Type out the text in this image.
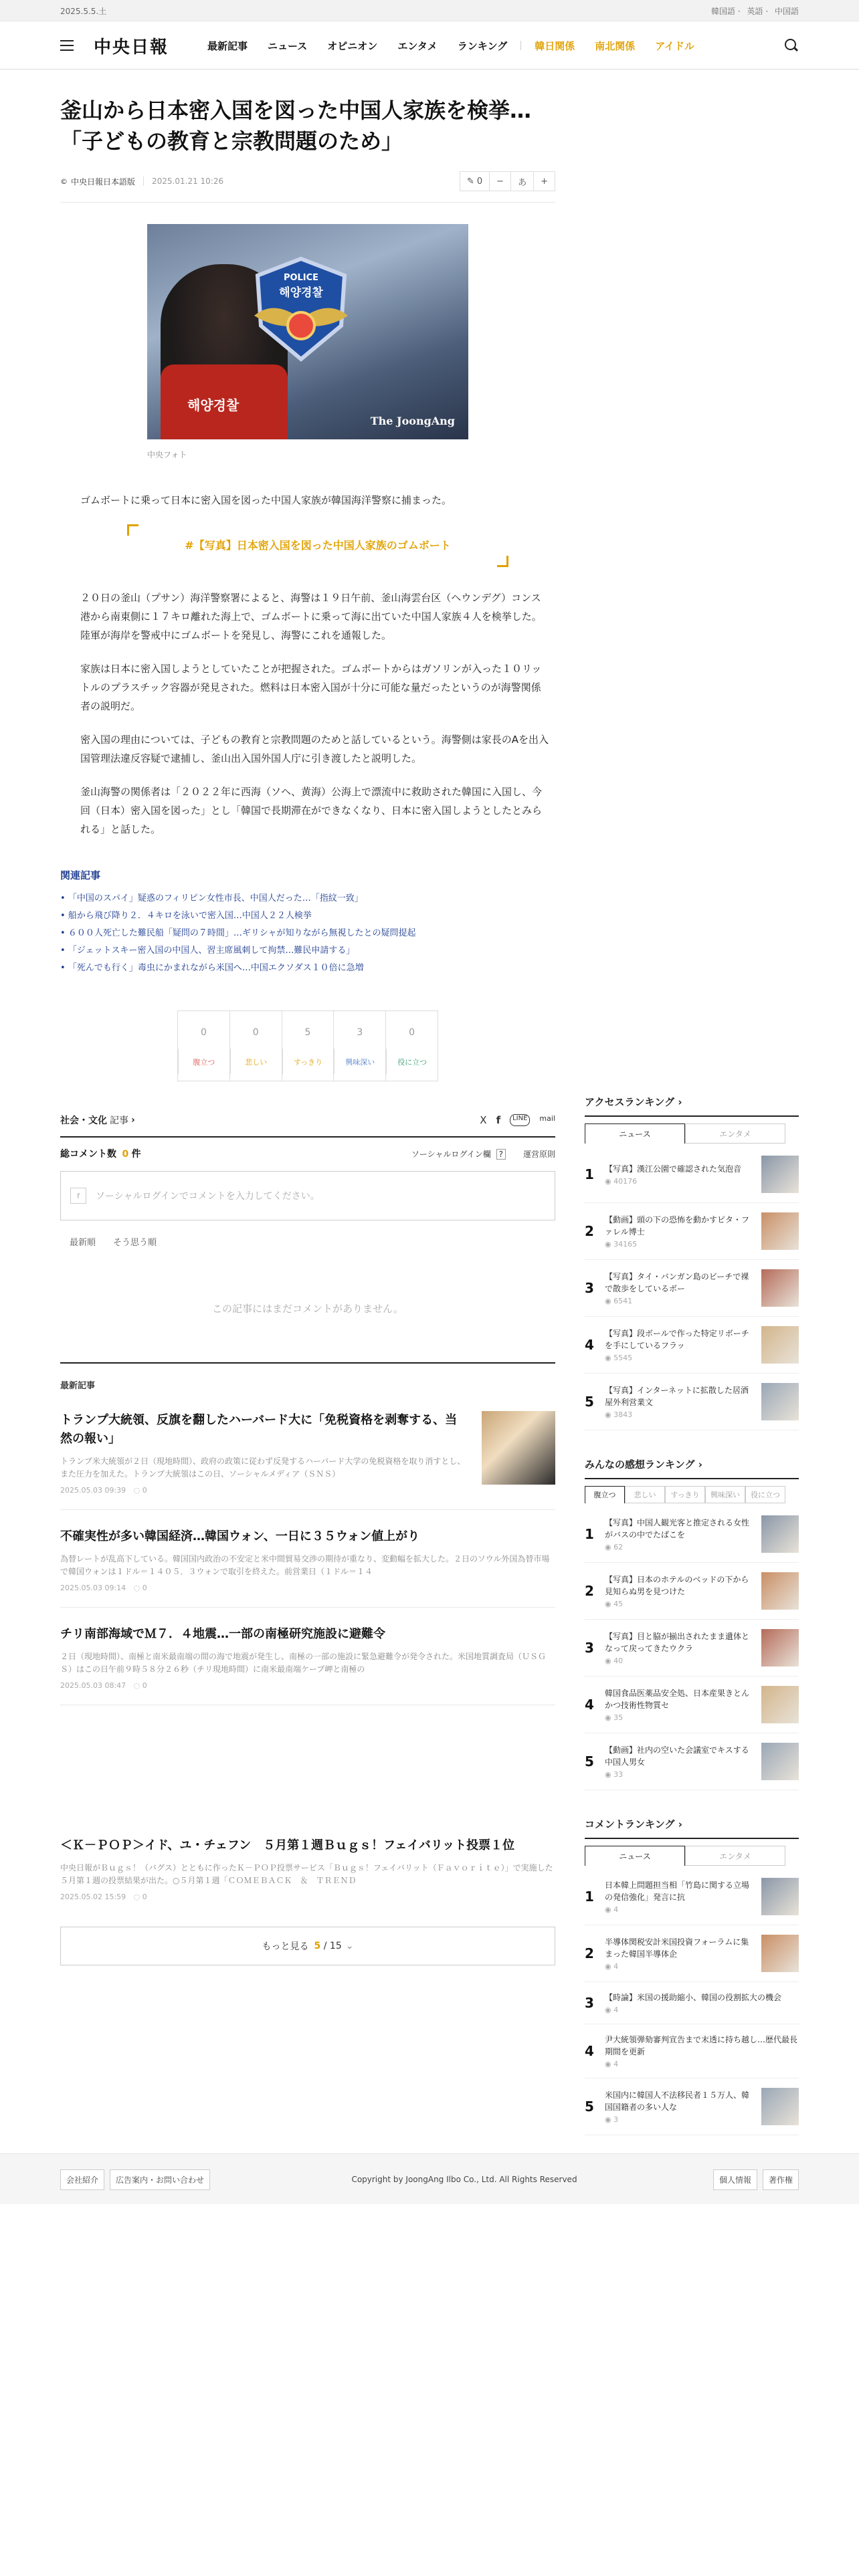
2025.5.5.土	韓国語 · 英語 · 中国語
中央日報	最新記事 ニュース オピニオン エンタメ ランキング	韓日関係 南北関係 アイドル
釜山から日本密入国を図った中国人家族を検挙…「子どもの教育と宗教問題のため」
© 中央日報日本語版	2025.01.21 10:26	✎ 0	−	あ	+
POLICE
해양경찰
해양경찰
The JoongAng
中央フォト

ゴムボートに乗って日本に密入国を図った中国人家族が韓国海洋警察に捕まった。

#【写真】日本密入国を図った中国人家族のゴムボート

２０日の釜山（プサン）海洋警察署によると、海警は１９日午前、釜山海雲台区（ヘウンデグ）コンス港から南東側に１７キロ離れた海上で、ゴムボートに乗って海に出ていた中国人家族４人を検挙した。陸軍が海岸を警戒中にゴムボートを発見し、海警にこれを通報した。

家族は日本に密入国しようとしていたことが把握された。ゴムボートからはガソリンが入った１０リットルのプラスチック容器が発見された。燃料は日本密入国が十分に可能な量だったというのが海警関係者の説明だ。

密入国の理由については、子どもの教育と宗教問題のためと話しているという。海警側は家長のAを出入国管理法違反容疑で逮捕し、釜山出入国外国人庁に引き渡したと説明した。

釜山海警の関係者は「２０２２年に西海（ソヘ、黄海）公海上で漂流中に救助された韓国に入国し、今回（日本）密入国を図った」とし「韓国で長期滞在ができなくなり、日本に密入国しようとしたとみられる」と話した。

関連記事
• 「中国のスパイ」疑惑のフィリピン女性市長、中国人だった…「指紋一致」
• 船から飛び降り２．４キロを泳いで密入国…中国人２２人検挙
• ６００人死亡した難民船「疑問の７時間」…ギリシャが知りながら無視したとの疑問提起
• 「ジェットスキー密入国の中国人、習主席風刺して拘禁…難民申請する」
• 「死んでも行く」毒虫にかまれながら米国へ…中国エクソダス１０倍に急増
0
腹立つ
0
悲しい
5
すっきり
3
興味深い
0
役に立つ
社会・文化 記事 ›	X f	LINE	mail
総コメント数 0 件	ソーシャルログイン欄 ?	運営原則
f	ソーシャルログインでコメントを入力してください。
最新順 そう思う順
この記事にはまだコメントがありません。
最新記事
トランプ大統領、反旗を翻したハーバード大に「免税資格を剥奪する、当然の報い」
トランプ米大統領が２日（現地時間）、政府の政策に従わず反発するハーバード大学の免税資格を取り消すとし、また圧力を加えた。トランプ大統領はこの日、ソーシャルメディア（ＳＮＳ）
2025.05.03 09:39 ◌ 0
不確実性が多い韓国経済…韓国ウォン、一日に３５ウォン値上がり
為替レートが乱高下している。韓国国内政治の不安定と米中間貿易交渉の期待が重なり、変動幅を拡大した。２日のソウル外国為替市場で韓国ウォンは１ドル＝１４０５．３ウォンで取引を終えた。前営業日（１ドル＝１４
2025.05.03 09:14 ◌ 0
チリ南部海域でＭ７．４地震…一部の南極研究施設に避難令
２日（現地時間）、南極と南米最南端の間の海で地震が発生し、南極の一部の施設に緊急避難令が発令された。米国地質調査局（ＵＳＧＳ）はこの日午前９時５８分２６秒（チリ現地時間）に南米最南端ケープ岬と南極の
2025.05.03 08:47 ◌ 0
＜Ｋ－ＰＯＰ＞イド、ユ・チェフン　５月第１週Ｂｕｇｓ！フェイバリット投票１位
中央日報がＢｕｇｓ！（バグス）とともに作ったＫ－ＰＯＰ投票サービス「Ｂｕｇｓ！フェイバリット（Ｆａｖｏｒｉｔｅ）」で実施した５月第１週の投票結果が出た。○５月第１週「ＣＯＭＥＢＡＣＫ　＆　ＴＲＥＮＤ
2025.05.02 15:59 ◌ 0
もっと見る 5 / 15 ⌄
アクセスランキング ›
ニュース	エンタメ
1	【写真】漢江公園で確認された気泡音
◉ 40176
2
【動画】頭の下の恐怖を動かすピタ・ファレル博士
◉ 34165
3
【写真】タイ・バンガン島のビーチで裸で散歩をしているボー
◉ 6541
4
【写真】段ボールで作った特定リボーチを手にしているフラッ
◉ 5545
5
【写真】インターネットに拡散した居酒屋外利営業文
◉ 3843
みんなの感想ランキング ›
腹立つ	悲しい	すっきり	興味深い	役に立つ
1
【写真】中国人観光客と推定される女性がバスの中でたばこを
◉ 62
2
【写真】日本のホテルのベッドの下から見知らぬ男を見つけた
◉ 45
3
【写真】目と脇が揃出されたまま遺体となって戻ってきたウクラ
◉ 40
4
韓国食品医薬品安全処、日本産果きとんかつ技術性物質セ
◉ 35
5
【動画】社内の空いた会議室でキスする中国人男女
◉ 33
コメントランキング ›
ニュース	エンタメ
1
日本韓上問題担当相「竹島に関する立場の発信強化」発言に抗
◉ 4
2
半導体関税安計米国投資フォーラムに集まった韓国半導体企
◉ 4
3	【時論】米国の援助縮小、韓国の役割拡大の機会
◉ 4
4
尹大統領弾劾審判宣告まで末透に持ち越し…歴代最長期間を更新
◉ 4
5
米国内に韓国人不法移民者１５万人、韓国国籍者の多い人な
◉ 3
会社紹介	広告案内・お問い合わせ	Copyright by JoongAng Ilbo Co., Ltd. All Rights Reserved	個人情報	著作権
